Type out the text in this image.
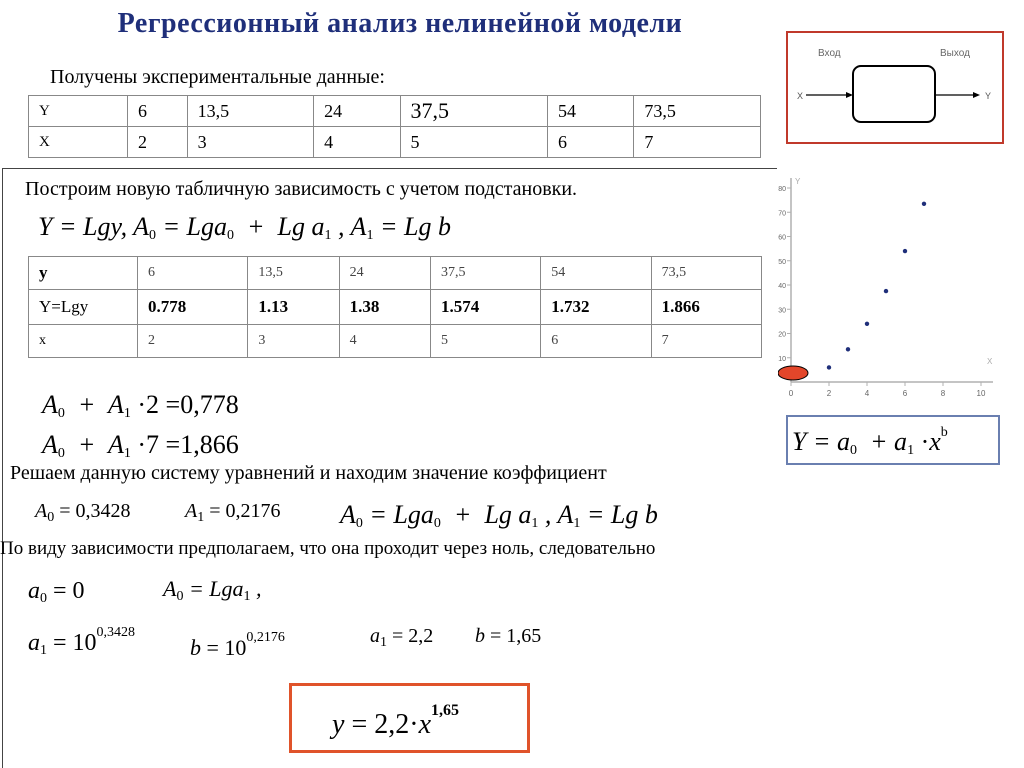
Регрессионный анализ нелинейной модели
Получены экспериментальные данные:
Y	6	13,5	24	37,5	54	73,5
X	2	3	4	5	6	7
Вход	Выход
X	Y
Построим новую табличную зависимость с учетом подстановки.
Y = Lgy, $A_0 = Lga_0 + Lg$ $a_1$ , $A_1 = Lg$ b
y	6	13,5	24	37,5	54	73,5
Y=Lgy	0.778	1.13	1.38	1.574	1.732	1.866
x	2	3	4	5	6	7
0	2	4	6	8	10
10
20
30
40
50
60
70
80
X
Y
$A_0 + A_1 \cdot 2 =0,778$
$A_0 + A_1 \cdot 7 =1,866$	$Y = a_0 + a_1 \cdot x^b$
Решаем данную систему уравнений и находим значение коэффициент
$A_0 = 0,3428$	$A_1 = 0,2176$ $A_0 = Lga_0 + Lg$ $a_1$ , $A_1 = Lg$ b
По виду зависимости предполагаем, что она проходит через ноль, следовательно
$a_0 = 0$	$A_0 = Lga_1$ ,
$a_1 = 10^{0,3428}$
$b = 10^{0,2176}$	$a_1 = 2,2$ b = 1,65
$y = 2,2\cdot x^{1,65}$
